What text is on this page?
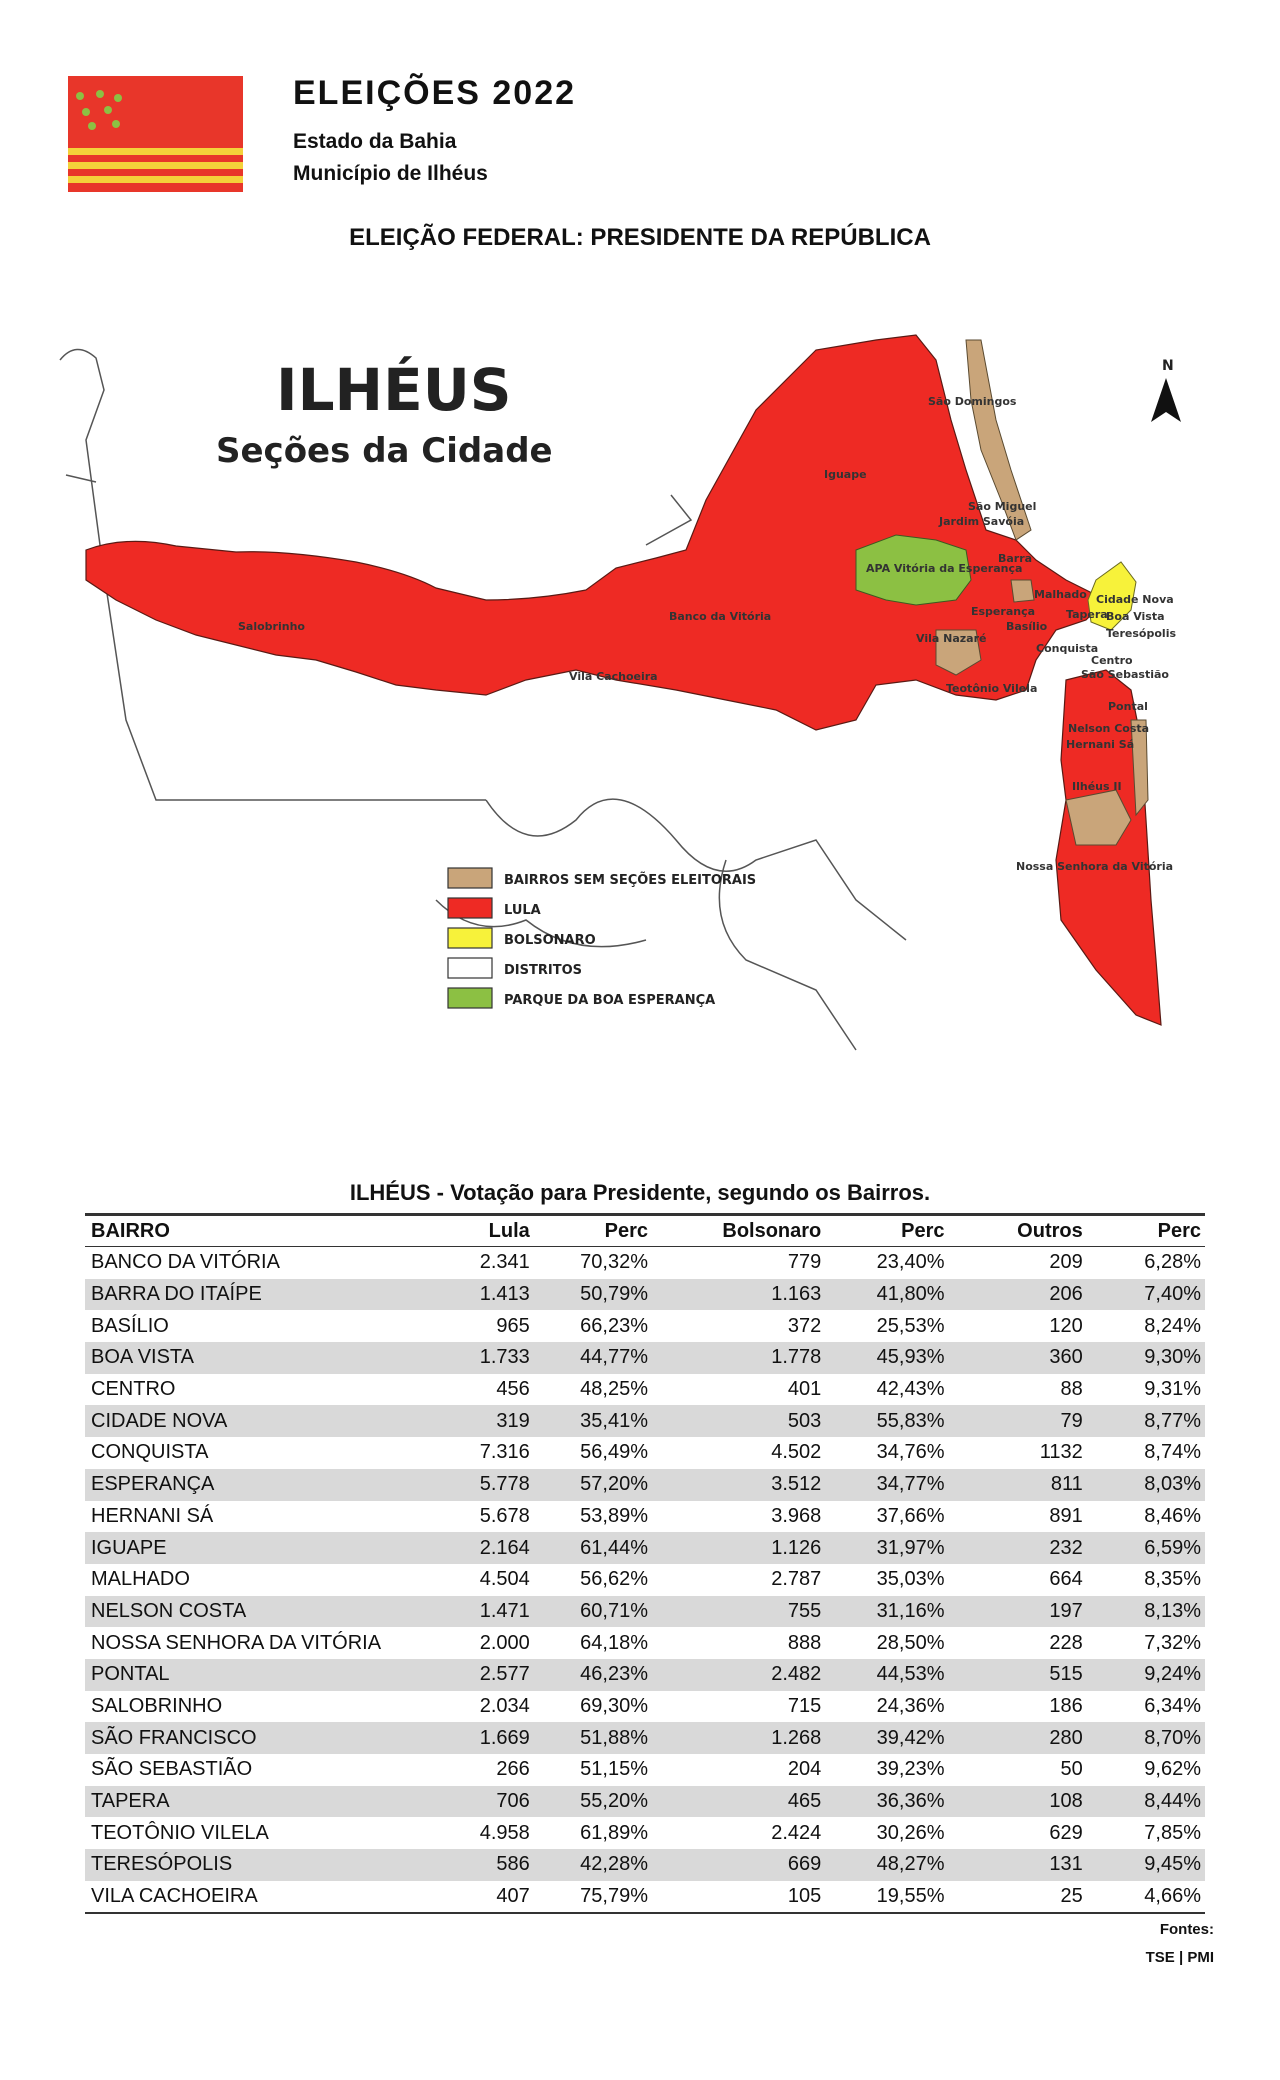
ELEIÇÕES 2022
Estado da Bahia
Município de Ilhéus
ELEIÇÃO FEDERAL: PRESIDENTE DA REPÚBLICA
APA Vitória da Esperança
ILHÉUS
Seções da Cidade
N
São Domingos
Iguape
São Miguel
Jardim Savóia
Barra
Salobrinho
Banco da Vitória
Vila Cachoeira
Malhado Cidade Nova
Esperança	Tapera
Boa Vista
Basílio
Teresópolis
Vila Nazaré
Conquista
Centro
São Sebastião
Teotônio Vilela
Pontal
Nelson Costa
Hernani Sá
Ilhéus II
Nossa Senhora da Vitória
BAIRROS SEM SEÇÕES ELEITORAIS
LULA
BOLSONARO
DISTRITOS
PARQUE DA BOA ESPERANÇA
ILHÉUS - Votação para Presidente, segundo os Bairros.
BAIRRO	Lula	Perc	Bolsonaro	Perc	Outros	Perc
BANCO DA VITÓRIA	2.341	70,32%	779	23,40%	209	6,28%
BARRA DO ITAÍPE	1.413	50,79%	1.163	41,80%	206	7,40%
BASÍLIO	965	66,23%	372	25,53%	120	8,24%
BOA VISTA	1.733	44,77%	1.778	45,93%	360	9,30%
CENTRO	456	48,25%	401	42,43%	88	9,31%
CIDADE NOVA	319	35,41%	503	55,83%	79	8,77%
CONQUISTA	7.316	56,49%	4.502	34,76%	1132	8,74%
ESPERANÇA	5.778	57,20%	3.512	34,77%	811	8,03%
HERNANI SÁ	5.678	53,89%	3.968	37,66%	891	8,46%
IGUAPE	2.164	61,44%	1.126	31,97%	232	6,59%
MALHADO	4.504	56,62%	2.787	35,03%	664	8,35%
NELSON COSTA	1.471	60,71%	755	31,16%	197	8,13%
NOSSA SENHORA DA VITÓRIA	2.000	64,18%	888	28,50%	228	7,32%
PONTAL	2.577	46,23%	2.482	44,53%	515	9,24%
SALOBRINHO	2.034	69,30%	715	24,36%	186	6,34%
SÃO FRANCISCO	1.669	51,88%	1.268	39,42%	280	8,70%
SÃO SEBASTIÃO	266	51,15%	204	39,23%	50	9,62%
TAPERA	706	55,20%	465	36,36%	108	8,44%
TEOTÔNIO VILELA	4.958	61,89%	2.424	30,26%	629	7,85%
TERESÓPOLIS	586	42,28%	669	48,27%	131	9,45%
VILA CACHOEIRA	407	75,79%	105	19,55%	25	4,66%
Fontes:
TSE | PMI
